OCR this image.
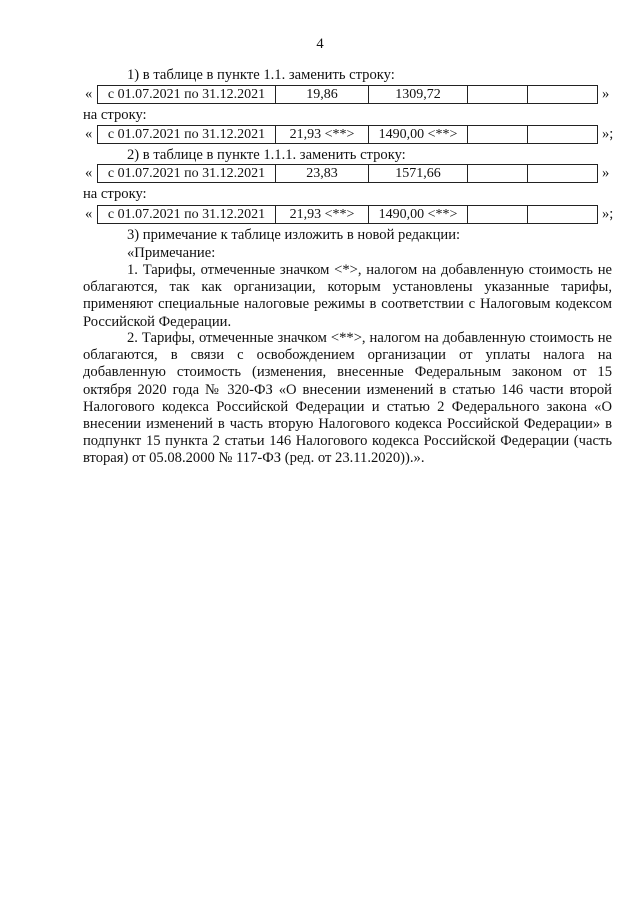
4
1) в таблице в пункте 1.1. заменить строку:
« с 01.07.2021 по 31.12.2021	19,86	1309,72			»
на строку:
« с 01.07.2021 по 31.12.2021	21,93 <**>	1490,00 <**>			»;
2) в таблице в пункте 1.1.1. заменить строку:
« с 01.07.2021 по 31.12.2021	23,83	1571,66			»
на строку:
« с 01.07.2021 по 31.12.2021	21,93 <**>	1490,00 <**>			»;
3) примечание к таблице изложить в новой редакции:
«Примечание:
1. Тарифы, отмеченные значком <*>, налогом на добавленную стоимость не облагаются, так как организации, которым установлены указанные тарифы, применяют специальные налоговые режимы в соответствии с Налоговым кодексом Российской Федерации.
2. Тарифы, отмеченные значком <**>, налогом на добавленную стоимость не облагаются, в связи с освобождением организации от уплаты налога на добавленную стоимость (изменения, внесенные Федеральным законом от 15 октября 2020 года № 320-ФЗ «О внесении изменений в статью 146 части второй Налогового кодекса Российской Федерации и статью 2 Федерального закона «О внесении изменений в часть вторую Налогового кодекса Российской Федерации» в подпункт 15 пункта 2 статьи 146 Налогового кодекса Российской Федерации (часть вторая) от 05.08.2000 № 117-ФЗ (ред. от 23.11.2020)).».
